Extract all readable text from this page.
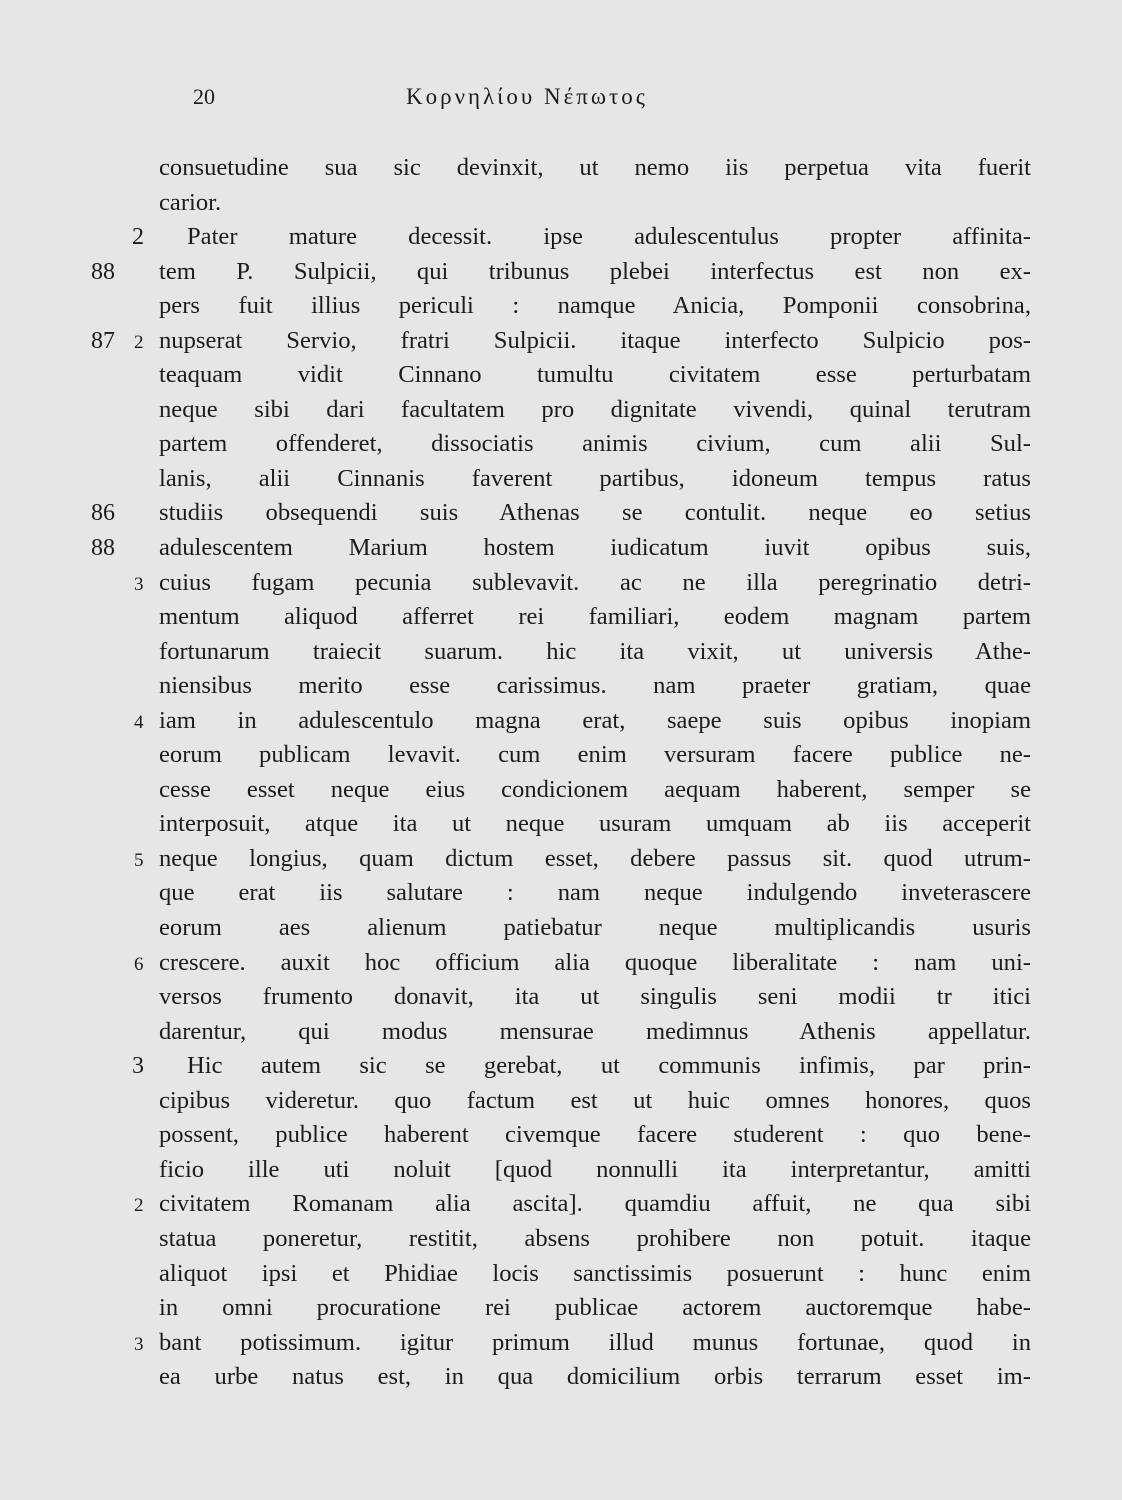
20	Κορνηλίου Νέπωτος
consuetudine sua sic devinxit, ut nemo iis perpetua vita fuerit
carior.
2 Pater mature decessit. ipse adulescentulus propter affinita-
88 tem P. Sulpicii, qui tribunus plebei interfectus est non ex-
pers fuit illius periculi : namque Anicia, Pomponii consobrina,
87 2 nupserat Servio, fratri Sulpicii. itaque interfecto Sulpicio pos-
teaquam vidit Cinnano tumultu civitatem esse perturbatam
neque sibi dari facultatem pro dignitate vivendi, quinal terutram
partem offenderet, dissociatis animis civium, cum alii Sul-
lanis, alii Cinnanis faverent partibus, idoneum tempus ratus
86 studiis obsequendi suis Athenas se contulit. neque eo setius
88 adulescentem Marium hostem iudicatum iuvit opibus suis,
3 cuius fugam pecunia sublevavit. ac ne illa peregrinatio detri-
mentum aliquod afferret rei familiari, eodem magnam partem
fortunarum traiecit suarum. hic ita vixit, ut universis Athe-
niensibus merito esse carissimus. nam praeter gratiam, quae
4 iam in adulescentulo magna erat, saepe suis opibus inopiam
eorum publicam levavit. cum enim versuram facere publice ne-
cesse esset neque eius condicionem aequam haberent, semper se
interposuit, atque ita ut neque usuram umquam ab iis acceperit
5 neque longius, quam dictum esset, debere passus sit. quod utrum-
que erat iis salutare : nam neque indulgendo inveterascere
eorum aes alienum patiebatur neque multiplicandis usuris
6 crescere. auxit hoc officium alia quoque liberalitate : nam uni-
versos frumento donavit, ita ut singulis seni modii tr itici
darentur, qui modus mensurae medimnus Athenis appellatur.
3 Hic autem sic se gerebat, ut communis infimis, par prin-
cipibus videretur. quo factum est ut huic omnes honores, quos
possent, publice haberent civemque facere studerent : quo bene-
ficio ille uti noluit [quod nonnulli ita interpretantur, amitti
2 civitatem Romanam alia ascita]. quamdiu affuit, ne qua sibi
statua poneretur, restitit, absens prohibere non potuit. itaque
aliquot ipsi et Phidiae locis sanctissimis posuerunt : hunc enim
in omni procuratione rei publicae actorem auctoremque habe-
3 bant potissimum. igitur primum illud munus fortunae, quod in
ea urbe natus est, in qua domicilium orbis terrarum esset im-
